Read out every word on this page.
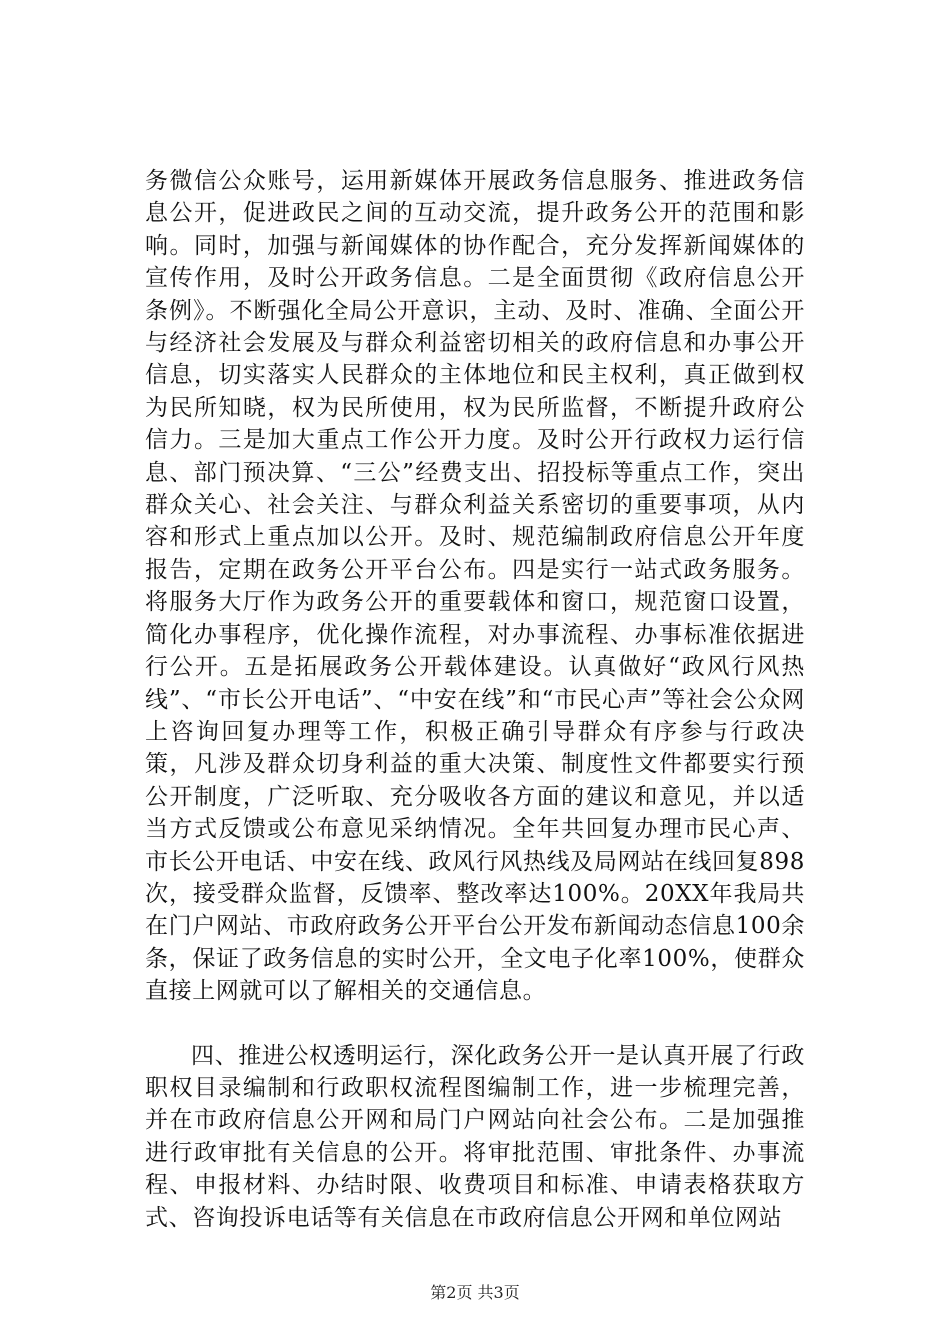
务微信公众账号，运用新媒体开展政务信息服务、推进政务信息公开，促进政民之间的互动交流，提升政务公开的范围和影响。同时，加强与新闻媒体的协作配合，充分发挥新闻媒体的宣传作用，及时公开政务信息。二是全面贯彻《政府信息公开条例》。不断强化全局公开意识，主动、及时、准确、全面公开与经济社会发展及与群众利益密切相关的政府信息和办事公开信息，切实落实人民群众的主体地位和民主权利，真正做到权为民所知晓，权为民所使用，权为民所监督，不断提升政府公信力。三是加大重点工作公开力度。及时公开行政权力运行信息、部门预决算、“三公”经费支出、招投标等重点工作，突出群众关心、社会关注、与群众利益关系密切的重要事项，从内容和形式上重点加以公开。及时、规范编制政府信息公开年度报告，定期在政务公开平台公布。四是实行一站式政务服务。将服务大厅作为政务公开的重要载体和窗口，规范窗口设置，简化办事程序，优化操作流程，对办事流程、办事标准依据进行公开。五是拓展政务公开载体建设。认真做好“政风行风热线”、“市长公开电话”、“中安在线”和“市民心声”等社会公众网上咨询回复办理等工作，积极正确引导群众有序参与行政决策，凡涉及群众切身利益的重大决策、制度性文件都要实行预公开制度，广泛听取、充分吸收各方面的建议和意见，并以适当方式反馈或公布意见采纳情况。全年共回复办理市民心声、市长公开电话、中安在线、政风行风热线及局网站在线回复898次，接受群众监督，反馈率、整改率达100%。20XX年我局共在门户网站、市政府政务公开平台公开发布新闻动态信息100余条，保证了政务信息的实时公开，全文电子化率100%，使群众直接上网就可以了解相关的交通信息。

四、推进公权透明运行，深化政务公开一是认真开展了行政职权目录编制和行政职权流程图编制工作，进一步梳理完善，并在市政府信息公开网和局门户网站向社会公布。二是加强推进行政审批有关信息的公开。将审批范围、审批条件、办事流程、申报材料、办结时限、收费项目和标准、申请表格获取方式、咨询投诉电话等有关信息在市政府信息公开网和单位网站

第2页 共3页
